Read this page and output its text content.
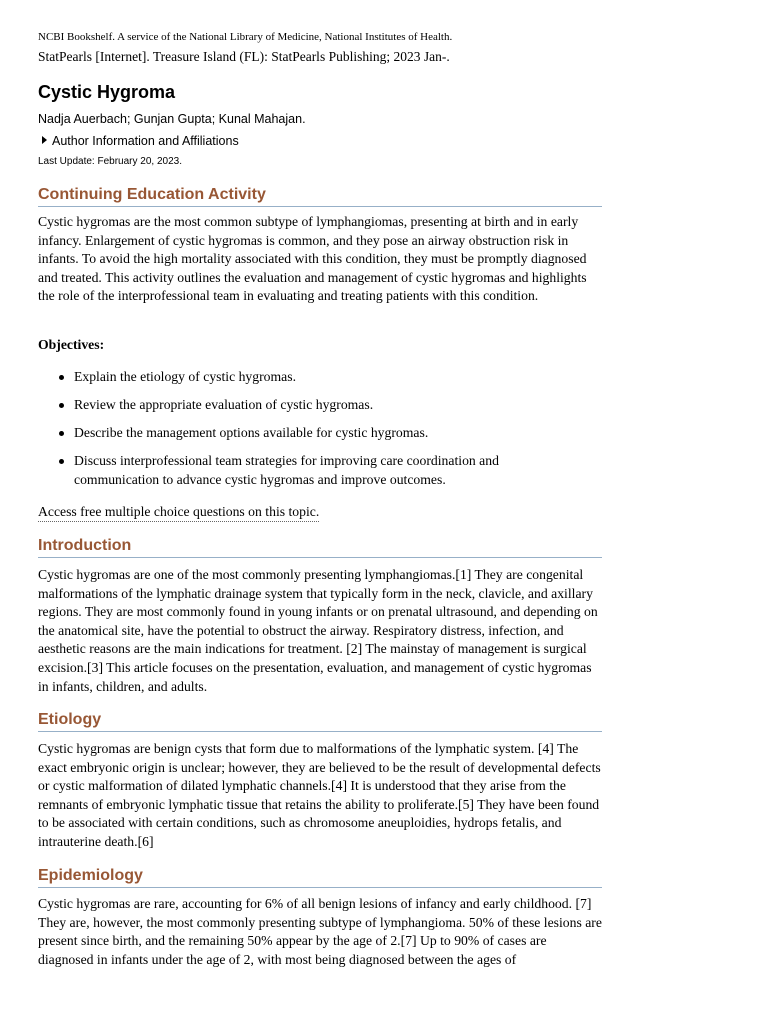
NCBI Bookshelf. A service of the National Library of Medicine, National Institutes of Health.
StatPearls [Internet]. Treasure Island (FL): StatPearls Publishing; 2023 Jan-.
Cystic Hygroma
Nadja Auerbach; Gunjan Gupta; Kunal Mahajan.
Author Information and Affiliations
Last Update: February 20, 2023.
Continuing Education Activity

Cystic hygromas are the most common subtype of lymphangiomas, presenting at birth and in early infancy. Enlargement of cystic hygromas is common, and they pose an airway obstruction risk in infants. To avoid the high mortality associated with this condition, they must be promptly diagnosed and treated. This activity outlines the evaluation and management of cystic hygromas and highlights the role of the interprofessional team in evaluating and treating patients with this condition.

Objectives:
Explain the etiology of cystic hygromas.
Review the appropriate evaluation of cystic hygromas.
Describe the management options available for cystic hygromas.
Discuss interprofessional team strategies for improving care coordination and communication to advance cystic hygromas and improve outcomes.
Access free multiple choice questions on this topic.
Introduction

Cystic hygromas are one of the most commonly presenting lymphangiomas.[1] They are congenital malformations of the lymphatic drainage system that typically form in the neck, clavicle, and axillary regions. They are most commonly found in young infants or on prenatal ultrasound, and depending on the anatomical site, have the potential to obstruct the airway. Respiratory distress, infection, and aesthetic reasons are the main indications for treatment. [2] The mainstay of management is surgical excision.[3] This article focuses on the presentation, evaluation, and management of cystic hygromas in infants, children, and adults.

Etiology

Cystic hygromas are benign cysts that form due to malformations of the lymphatic system. [4] The exact embryonic origin is unclear; however, they are believed to be the result of developmental defects or cystic malformation of dilated lymphatic channels.[4] It is understood that they arise from the remnants of embryonic lymphatic tissue that retains the ability to proliferate.[5] They have been found to be associated with certain conditions, such as chromosome aneuploidies, hydrops fetalis, and intrauterine death.[6]

Epidemiology

Cystic hygromas are rare, accounting for 6% of all benign lesions of infancy and early childhood. [7] They are, however, the most commonly presenting subtype of lymphangioma. 50% of these lesions are present since birth, and the remaining 50% appear by the age of 2.[7] Up to 90% of cases are diagnosed in infants under the age of 2, with most being diagnosed between the ages of
